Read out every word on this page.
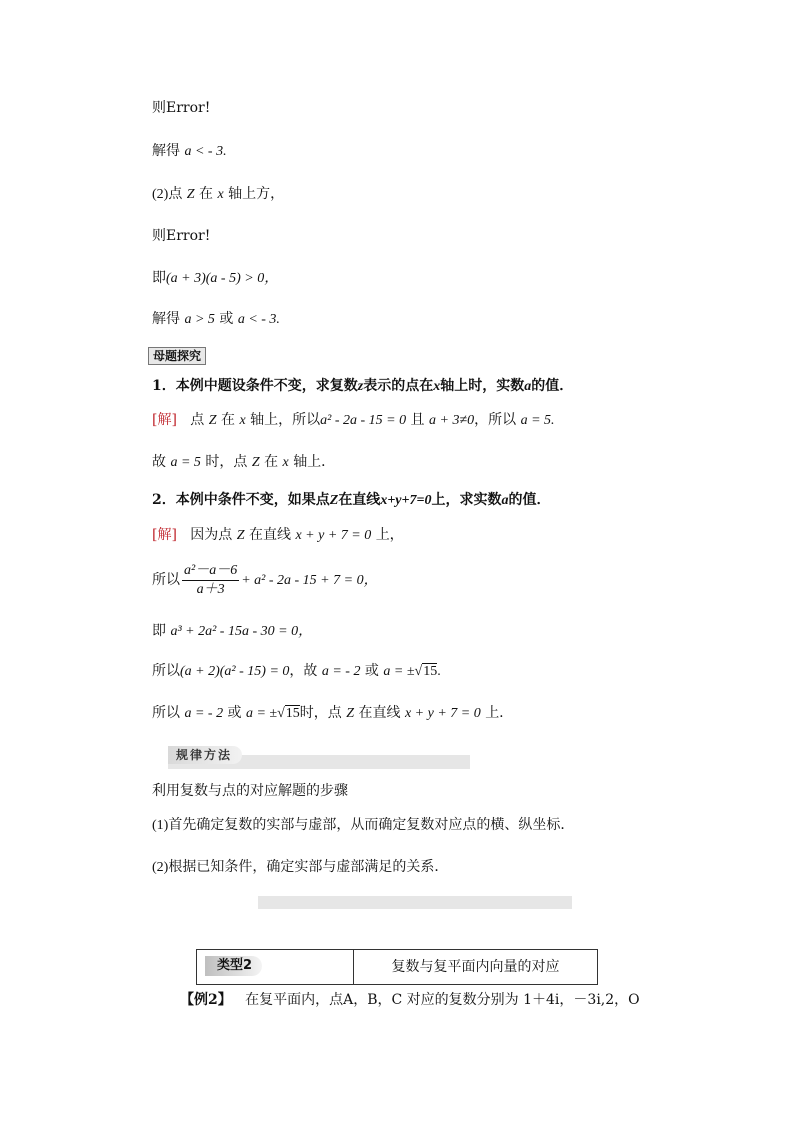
则Error!
解得 a < - 3.
(2)点 Z 在 x 轴上方，
则Error!
即(a + 3)(a - 5) > 0，
解得 a > 5 或 a < - 3.
母题探究
1．本例中题设条件不变，求复数z表示的点在x轴上时，实数a的值．
[解] 点 Z 在 x 轴上，所以a² - 2a - 15 = 0 且 a + 3≠0，所以 a = 5.
故 a = 5 时，点 Z 在 x 轴上．
2．本例中条件不变，如果点Z在直线x+y+7=0上，求实数a的值．
[解] 因为点 Z 在直线 x + y + 7 = 0 上，
所以 $\frac{\text{a²－a－6}}{a+3} + a^2 - 2a - 15 + 7 = 0$，
即 a³ + 2a² - 15a - 30 = 0，
所以(a + 2)(a² - 15) = 0，故 a = - 2 或 a = ±√15.
所以 a = - 2 或 a = ±√15时，点 Z 在直线 x + y + 7 = 0 上.
规律方法
利用复数与点的对应解题的步骤
(1)首先确定复数的实部与虚部，从而确定复数对应点的横、纵坐标．
(2)根据已知条件，确定实部与虚部满足的关系．
类型2	复数与复平面内向量的对应
【例2】 在复平面内，点A，B，C 对应的复数分别为 1＋4i，－3i,2，O
